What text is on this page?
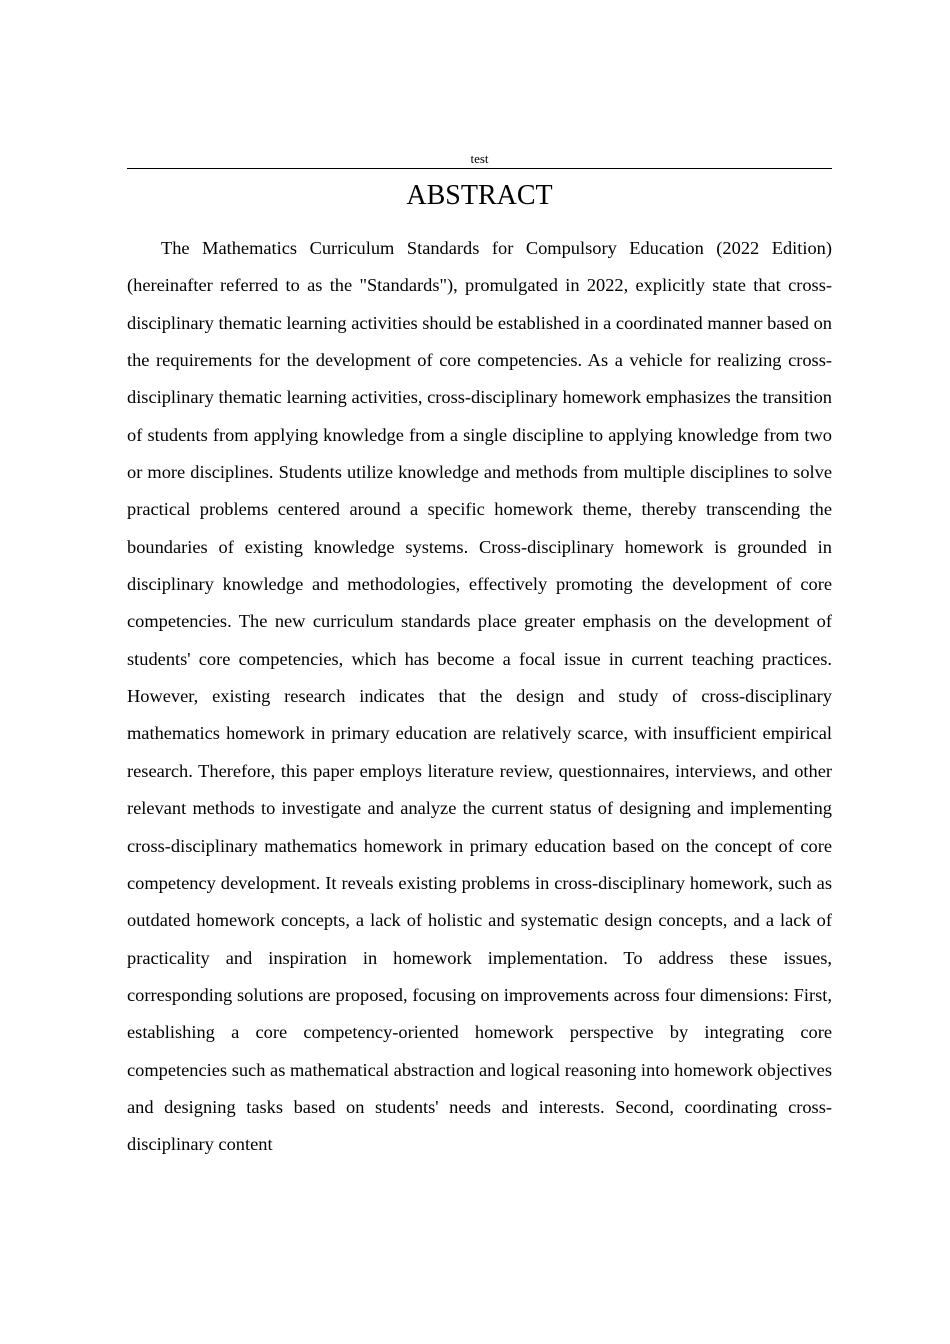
test
ABSTRACT

The Mathematics Curriculum Standards for Compulsory Education (2022 Edition) (hereinafter referred to as the "Standards"), promulgated in 2022, explicitly state that cross-disciplinary thematic learning activities should be established in a coordinated manner based on the requirements for the development of core competencies. As a vehicle for realizing cross-disciplinary thematic learning activities, cross-disciplinary homework emphasizes the transition of students from applying knowledge from a single discipline to applying knowledge from two or more disciplines. Students utilize knowledge and methods from multiple disciplines to solve practical problems centered around a specific homework theme, thereby transcending the boundaries of existing knowledge systems. Cross-disciplinary homework is grounded in disciplinary knowledge and methodologies, effectively promoting the development of core competencies. The new curriculum standards place greater emphasis on the development of students' core competencies, which has become a focal issue in current teaching practices. However, existing research indicates that the design and study of cross-disciplinary mathematics homework in primary education are relatively scarce, with insufficient empirical research. Therefore, this paper employs literature review, questionnaires, interviews, and other relevant methods to investigate and analyze the current status of designing and implementing cross-disciplinary mathematics homework in primary education based on the concept of core competency development. It reveals existing problems in cross-disciplinary homework, such as outdated homework concepts, a lack of holistic and systematic design concepts, and a lack of practicality and inspiration in homework implementation. To address these issues, corresponding solutions are proposed, focusing on improvements across four dimensions: First, establishing a core competency-oriented homework perspective by integrating core competencies such as mathematical abstraction and logical reasoning into homework objectives and designing tasks based on students' needs and interests. Second, coordinating cross-disciplinary content
